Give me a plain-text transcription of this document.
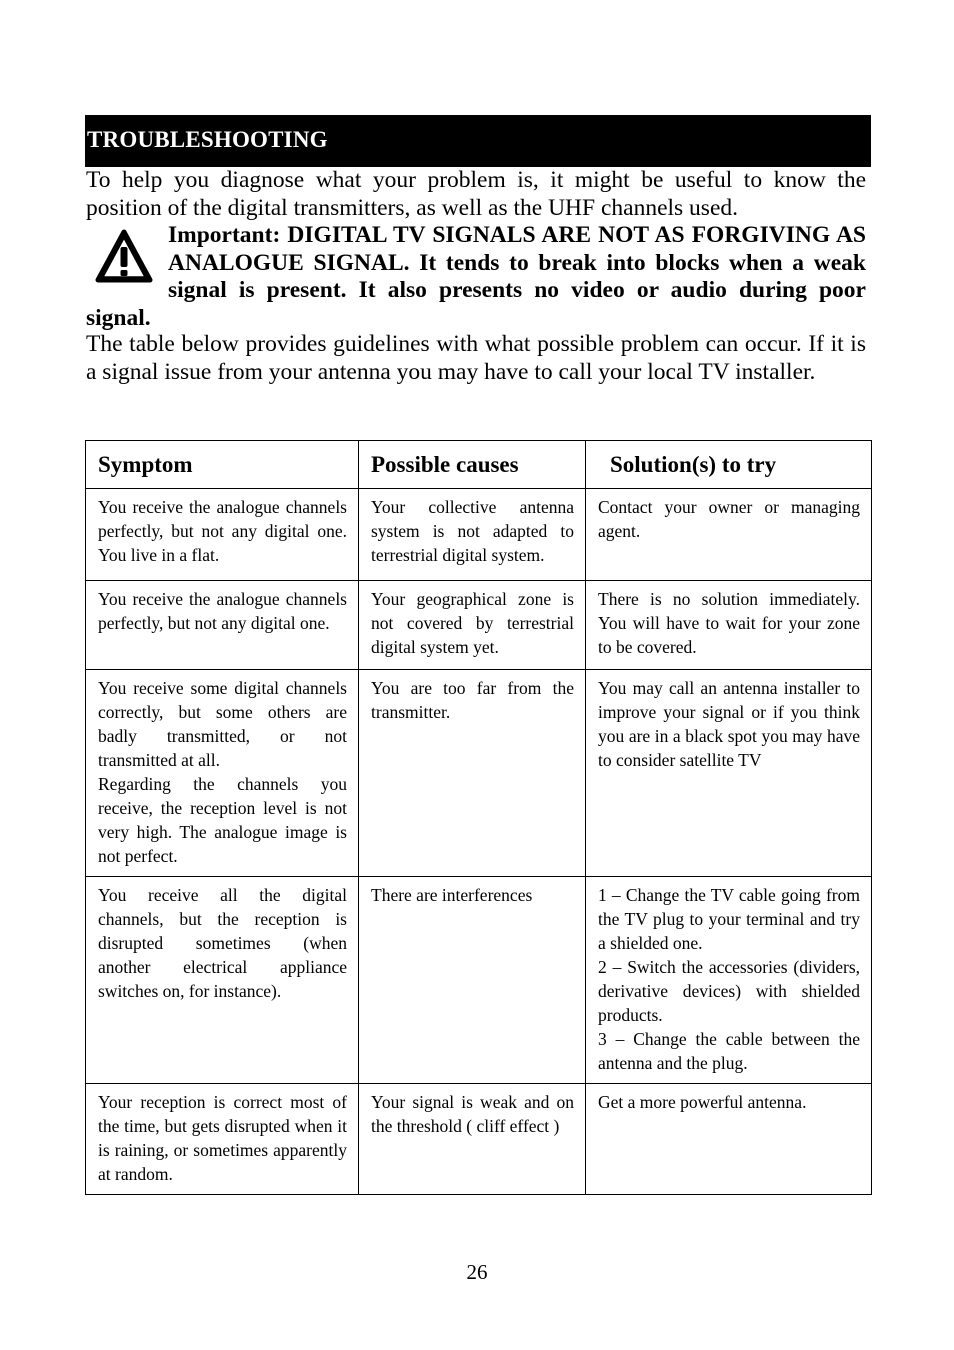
TROUBLESHOOTING

To help you diagnose what your problem is, it might be useful to know the position of the digital transmitters, as well as the UHF channels used.

Important: DIGITAL TV SIGNALS ARE NOT AS FORGIVING AS ANALOGUE SIGNAL. It tends to break into blocks when a weak signal is present. It also presents no video or audio during poor signal.

The table below provides guidelines with what possible problem can occur. If it is a signal issue from your antenna you may have to call your local TV installer.

Symptom	Possible causes	Solution(s) to try

You receive the analogue channels perfectly, but not any digital one. You live in a flat.	Your collective antenna system is not adapted to terrestrial digital system.	Contact your owner or managing agent.

You receive the analogue channels perfectly, but not any digital one.	Your geographical zone is not covered by terrestrial digital system yet.	There is no solution immediately. You will have to wait for your zone to be covered.

You receive some digital channels correctly, but some others are badly transmitted, or not transmitted at all.
Regarding the channels you receive, the reception level is not very high. The analogue image is not perfect.	You are too far from the transmitter.	You may call an antenna installer to improve your signal or if you think you are in a black spot you may have to consider satellite TV

You receive all the digital channels, but the reception is disrupted sometimes (when another electrical appliance switches on, for instance).	There are interferences	1 – Change the TV cable going from the TV plug to your terminal and try a shielded one.
2 – Switch the accessories (dividers, derivative devices) with shielded products.
3 – Change the cable between the antenna and the plug.

Your reception is correct most of the time, but gets disrupted when it is raining, or sometimes apparently at random.	Your signal is weak and on the threshold ( cliff effect )	Get a more powerful antenna.
26
